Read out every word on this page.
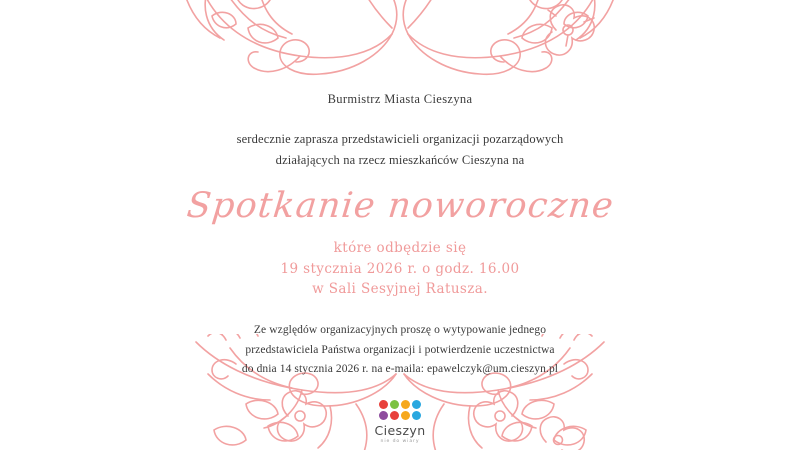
Burmistrz Miasta Cieszyna
serdecznie zaprasza przedstawicieli organizacji pozarządowych
działających na rzecz mieszkańców Cieszyna na
Spotkanie noworoczne
które odbędzie się
19 stycznia 2026 r. o godz. 16.00
w Sali Sesyjnej Ratusza.
Ze względów organizacyjnych proszę o wytypowanie jednego
przedstawiciela Państwa organizacji i potwierdzenie uczestnictwa
do dnia 14 stycznia 2026 r. na e-maila: epawelczyk@um.cieszyn.pl
Cieszyn
nie do wiary
